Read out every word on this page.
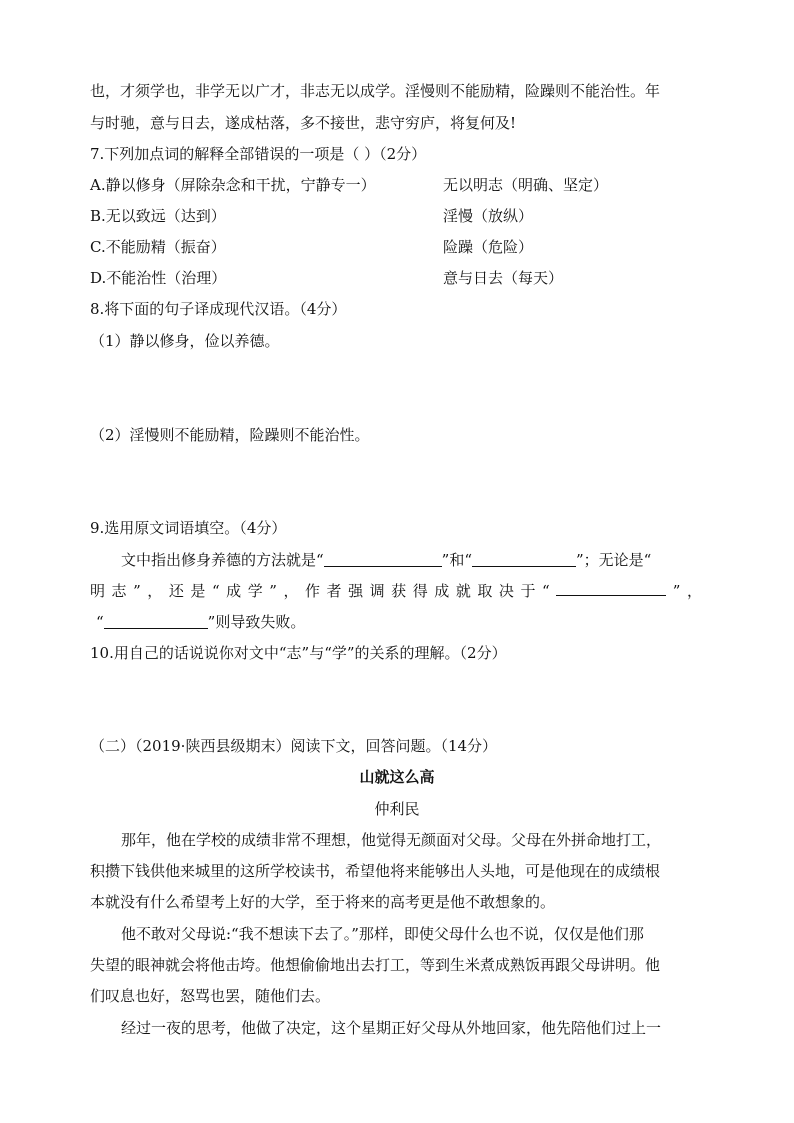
也，才须学也，非学无以广才，非志无以成学。淫慢则不能励精，险躁则不能治性。年
与时驰，意与日去，遂成枯落，多不接世，悲守穷庐，将复何及!
7.下列加点词的解释全部错误的一项是（ ）（2分）
A.静以修身（屏除杂念和干扰，宁静专一）	无以明志（明确、坚定）
B.无以致远（达到）	淫慢（放纵）
C.不能励精（振奋）	险躁（危险）
D.不能治性（治理）	意与日去（每天）
8.将下面的句子译成现代汉语。（4分）
（1）静以修身，俭以养德。
（2）淫慢则不能励精，险躁则不能治性。
9.选用原文词语填空。（4分）
文中指出修身养德的方法就是“	”和“	”；无论是“
明 志 ” ， 还 是 “ 成 学 ” ， 作 者 强 调 获 得 成 就 取 决 于 “	” ，
“	”则导致失败。
10.用自己的话说说你对文中“志”与“学”的关系的理解。（2分）
（二）（2019·陕西县级期末）阅读下文，回答问题。（14分）
山就这么高
仲利民
那年，他在学校的成绩非常不理想，他觉得无颜面对父母。父母在外拼命地打工，
积攒下钱供他来城里的这所学校读书，希望他将来能够出人头地，可是他现在的成绩根
本就没有什么希望考上好的大学，至于将来的高考更是他不敢想象的。
他不敢对父母说:“我不想读下去了。”那样，即使父母什么也不说，仅仅是他们那
失望的眼神就会将他击垮。他想偷偷地出去打工，等到生米煮成熟饭再跟父母讲明。他
们叹息也好，怒骂也罢，随他们去。
经过一夜的思考，他做了决定，这个星期正好父母从外地回家，他先陪他们过上一
